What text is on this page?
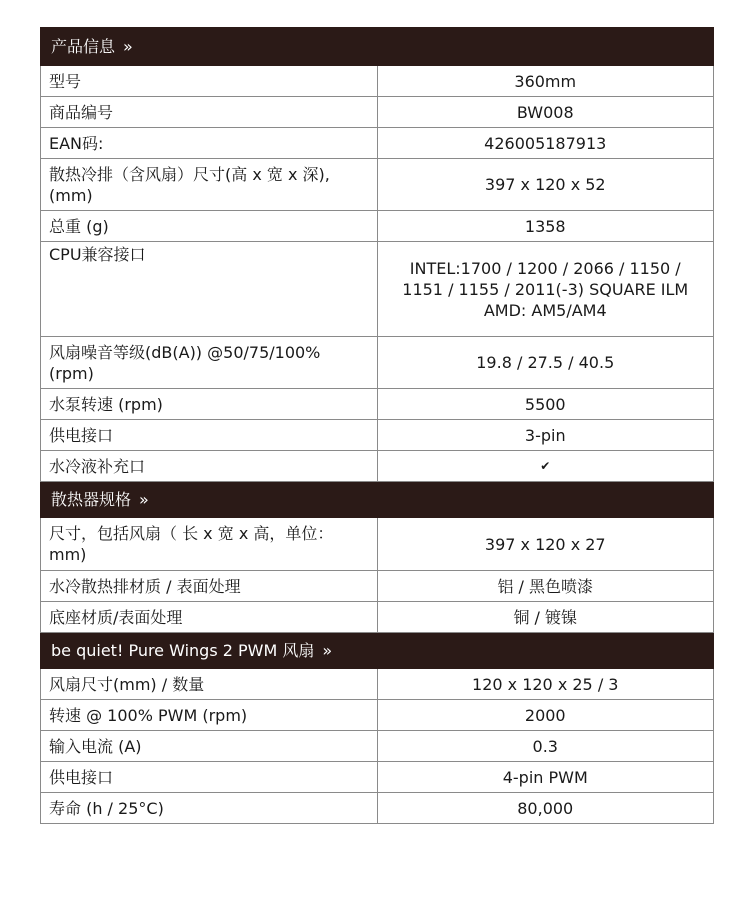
产品信息 »	
型号	360mm

商品编号	BW008

EAN码:	426005187913

散热冷排（含风扇）尺寸(高 x 宽 x 深),(mm)	397 x 120 x 52

总重 (g)	1358

CPU兼容接口	INTEL:1700 / 1200 / 2066 / 1150 /
1151 / 1155 / 2011(-3) SQUARE ILM
AMD: AM5/AM4

风扇噪音等级(dB(A)) @50/75/100% (rpm)	19.8 / 27.5 / 40.5

水泵转速 (rpm)	5500

供电接口	3-pin

水冷液补充口	✔

散热器规格 »	
尺寸，包括风扇（ 长 x 宽 x 高，单位：mm)	397 x 120 x 27

水冷散热排材质 / 表面处理	铝 / 黑色喷漆

底座材质/表面处理	铜 / 镀镍

be quiet! Pure Wings 2 PWM 风扇 »	
风扇尺寸(mm) / 数量	120 x 120 x 25 / 3

转速 @ 100% PWM (rpm)	2000

输入电流 (A)	0.3

供电接口	4-pin PWM

寿命 (h / 25°C)	80,000
